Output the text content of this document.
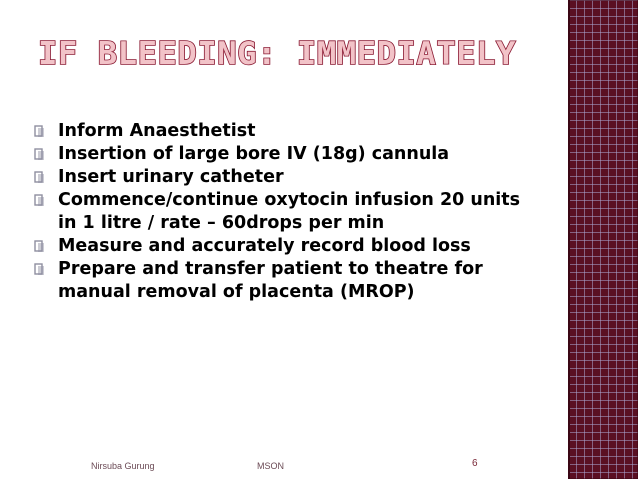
IF BLEEDING: IMMEDIATELY
Inform Anaesthetist
Insertion of large bore IV (18g) cannula
Insert urinary catheter
Commence/continue oxytocin infusion 20 units in 1 litre / rate – 60drops per min
Measure and accurately record blood loss
Prepare and transfer patient to theatre for manual removal of placenta (MROP)
Nirsuba Gurung	MSON	6
